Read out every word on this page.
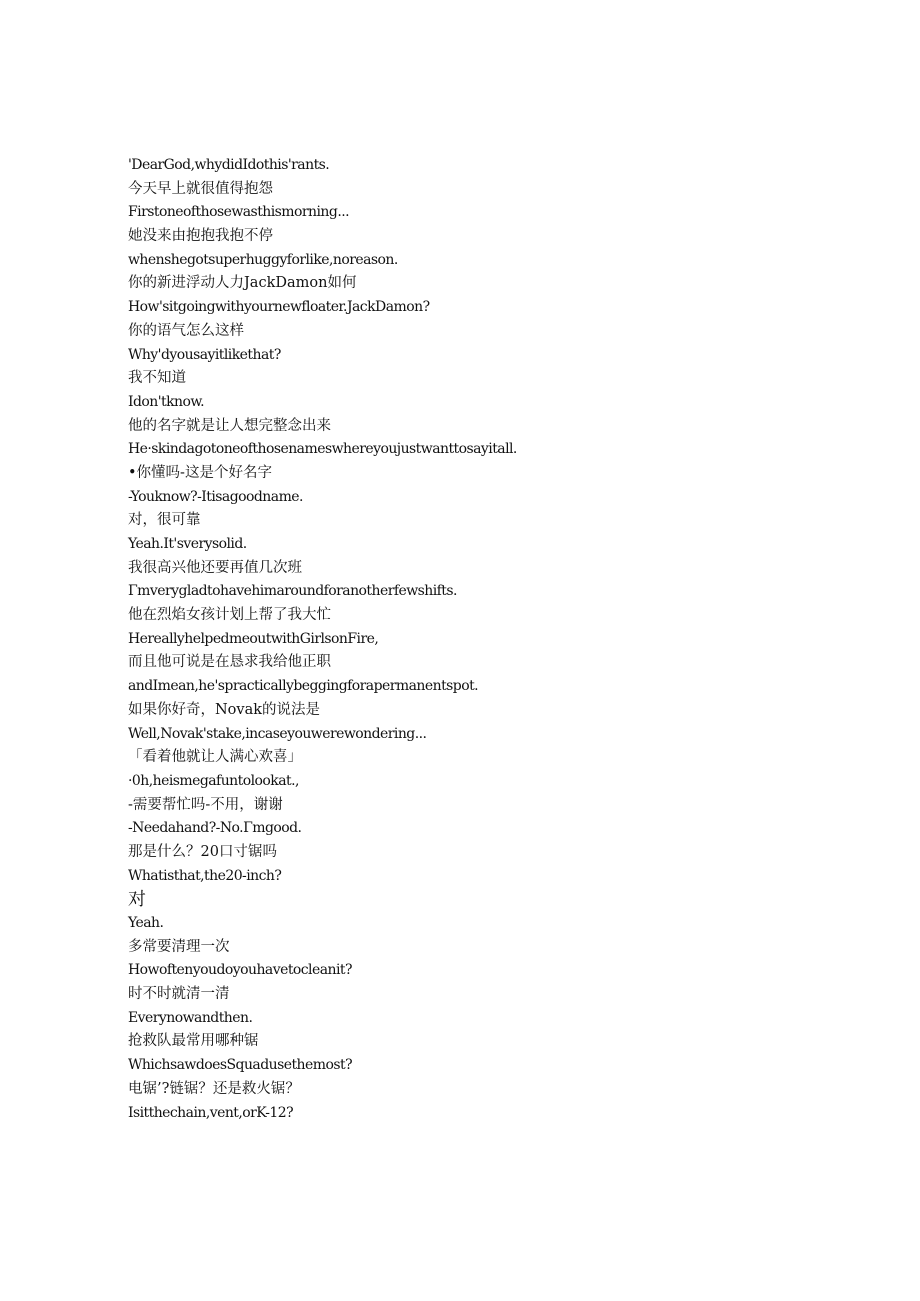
'DearGod,whydidIdothis'rants.
今天早上就很值得抱怨
Firstoneofthosewasthismorning...
她没来由抱抱我抱不停
whenshegotsuperhuggyforlike,noreason.
你的新进浮动人力JackDamon如何
How'sitgoingwithyournewfloater.JackDamon?
你的语气怎么这样
Why'dyousayitlikethat?
我不知道
Idon'tknow.
他的名字就是让人想完整念出来
He·skindagotoneofthosenameswhereyoujustwanttosayitall.
•你懂吗-这是个好名字
-Youknow?-Itisagoodname.
对，很可靠
Yeah.It'sverysolid.
我很高兴他还要再值几次班
Γmverygladtohavehimaroundforanotherfewshifts.
他在烈焰女孩计划上帮了我大忙
HereallyhelpedmeoutwithGirlsonFire,
而且他可说是在恳求我给他正职
andImean,he'spracticallybeggingforapermanentspot.
如果你好奇，Novak的说法是
Well,Novak'stake,incaseyouwerewondering...
「看着他就让人满心欢喜」
·0h,heismegafuntolookat.,
-需要帮忙吗-不用，谢谢
-Needahand?-No.Γmgood.
那是什么？20口寸锯吗
Whatisthat,the20-inch?
对
Yeah.
多常要清理一次
Howoftenyoudoyouhavetocleanit?
时不时就清一清
Everynowandthen.
抢救队最常用哪种锯
WhichsawdoesSquadusethemost?
电锯’?链锯？还是救火锯？
Isitthechain,vent,orK-12?
